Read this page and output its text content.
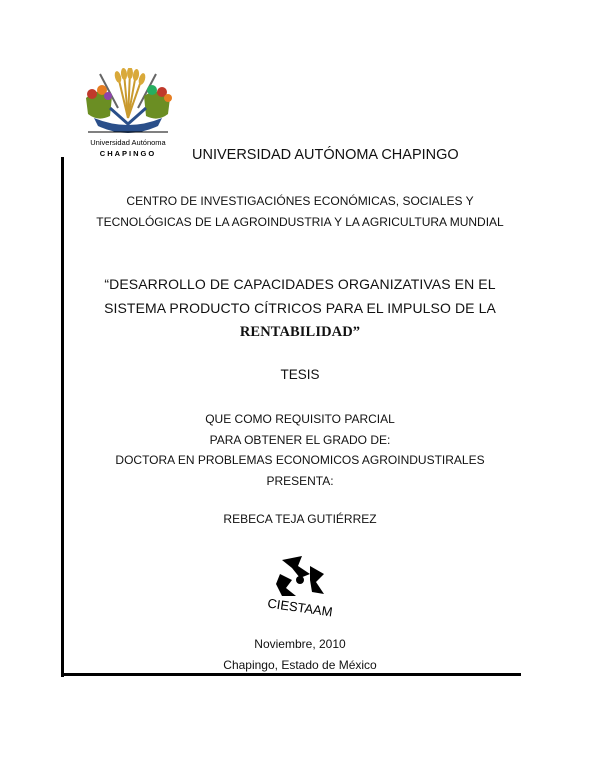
Universidad Autónoma
CHAPINGO UNIVERSIDAD AUTÓNOMA CHAPINGO
CENTRO DE INVESTIGACIÓNES ECONÓMICAS, SOCIALES Y
TECNOLÓGICAS DE LA AGROINDUSTRIA Y LA AGRICULTURA MUNDIAL
“DESARROLLO DE CAPACIDADES ORGANIZATIVAS EN EL
SISTEMA PRODUCTO CÍTRICOS PARA EL IMPULSO DE LA
RENTABILIDAD”
TESIS
QUE COMO REQUISITO PARCIAL
PARA OBTENER EL GRADO DE:
DOCTORA EN PROBLEMAS ECONOMICOS AGROINDUSTIRALES
PRESENTA:
REBECA TEJA GUTIÉRREZ
CIESTAAM
Noviembre, 2010
Chapingo, Estado de México
